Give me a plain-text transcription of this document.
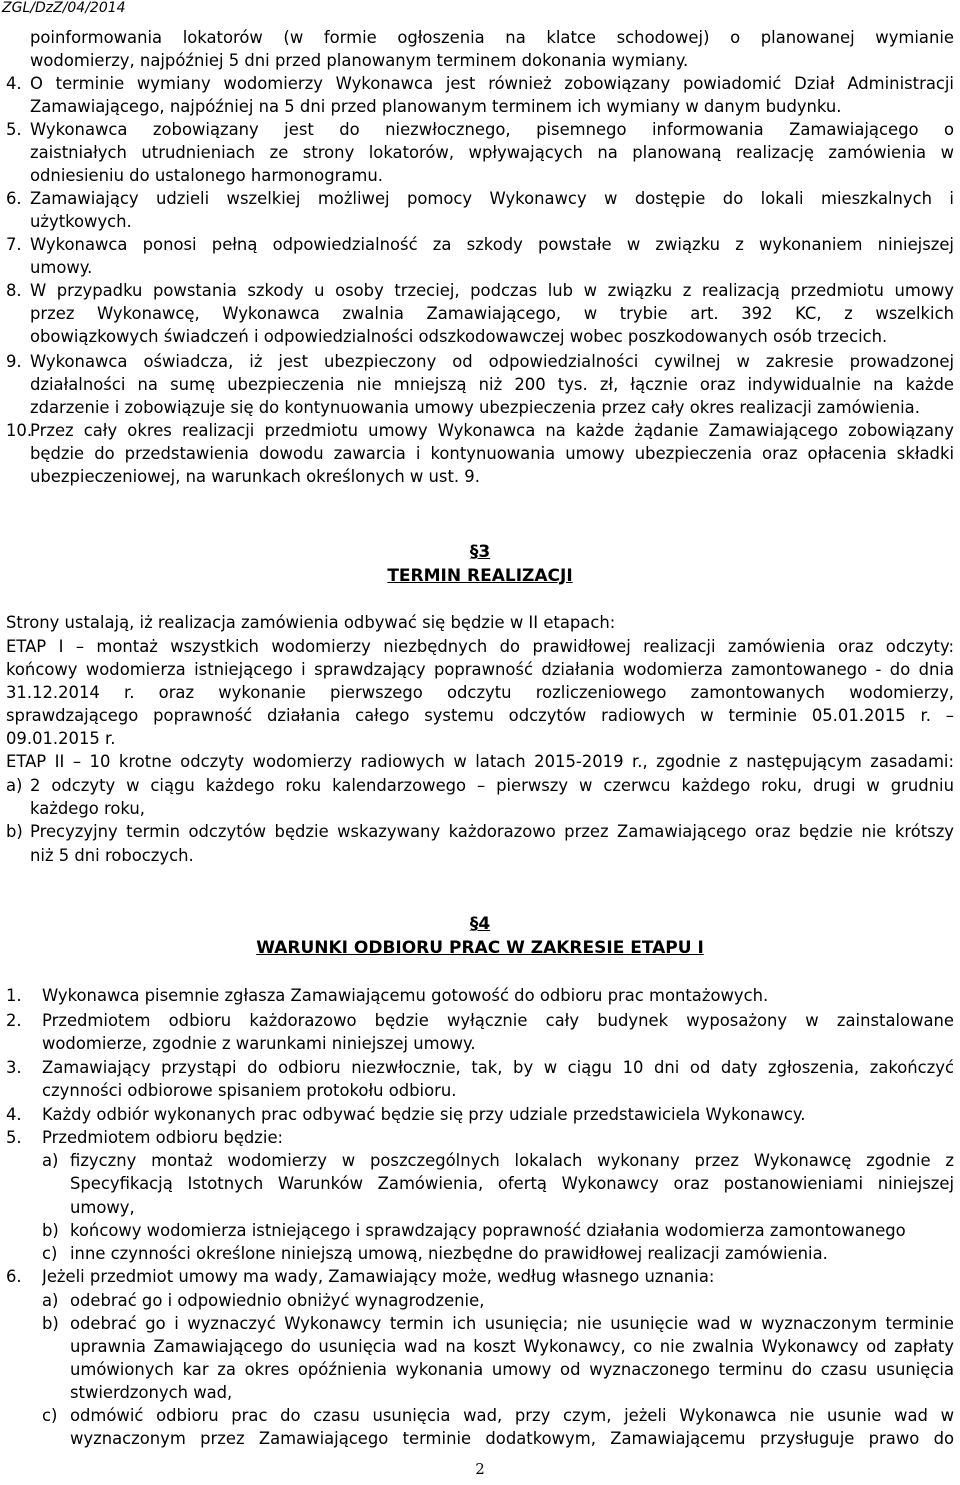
ZGL/DzZ/04/2014
poinformowania lokatorów (w formie ogłoszenia na klatce schodowej) o planowanej wymianie
wodomierzy, najpóźniej 5 dni przed planowanym terminem dokonania wymiany.
4. O terminie wymiany wodomierzy Wykonawca jest również zobowiązany powiadomić Dział Administracji
Zamawiającego, najpóźniej na 5 dni przed planowanym terminem ich wymiany w danym budynku.
5. Wykonawca zobowiązany jest do niezwłocznego, pisemnego informowania Zamawiającego o
zaistniałych utrudnieniach ze strony lokatorów, wpływających na planowaną realizację zamówienia w
odniesieniu do ustalonego harmonogramu.
6. Zamawiający udzieli wszelkiej możliwej pomocy Wykonawcy w dostępie do lokali mieszkalnych i
użytkowych.
7. Wykonawca ponosi pełną odpowiedzialność za szkody powstałe w związku z wykonaniem niniejszej
umowy.
8. W przypadku powstania szkody u osoby trzeciej, podczas lub w związku z realizacją przedmiotu umowy
przez Wykonawcę, Wykonawca zwalnia Zamawiającego, w trybie art. 392 KC, z wszelkich
obowiązkowych świadczeń i odpowiedzialności odszkodowawczej wobec poszkodowanych osób trzecich.
9. Wykonawca oświadcza, iż jest ubezpieczony od odpowiedzialności cywilnej w zakresie prowadzonej
działalności na sumę ubezpieczenia nie mniejszą niż 200 tys. zł, łącznie oraz indywidualnie na każde
zdarzenie i zobowiązuje się do kontynuowania umowy ubezpieczenia przez cały okres realizacji zamówienia.
10.
Przez cały okres realizacji przedmiotu umowy Wykonawca na każde żądanie Zamawiającego zobowiązany
będzie do przedstawienia dowodu zawarcia i kontynuowania umowy ubezpieczenia oraz opłacenia składki
ubezpieczeniowej, na warunkach określonych w ust. 9.
§3
TERMIN REALIZACJI
Strony ustalają, iż realizacja zamówienia odbywać się będzie w II etapach:
ETAP I – montaż wszystkich wodomierzy niezbędnych do prawidłowej realizacji zamówienia oraz odczyty:
końcowy wodomierza istniejącego i sprawdzający poprawność działania wodomierza zamontowanego - do dnia
31.12.2014 r. oraz wykonanie pierwszego odczytu rozliczeniowego zamontowanych wodomierzy,
sprawdzającego poprawność działania całego systemu odczytów radiowych w terminie 05.01.2015 r. –
09.01.2015 r.
ETAP II – 10 krotne odczyty wodomierzy radiowych w latach 2015-2019 r., zgodnie z następującym zasadami:
a) 2 odczyty w ciągu każdego roku kalendarzowego – pierwszy w czerwcu każdego roku, drugi w grudniu
każdego roku,
b) Precyzyjny termin odczytów będzie wskazywany każdorazowo przez Zamawiającego oraz będzie nie krótszy
niż 5 dni roboczych.
§4
WARUNKI ODBIORU PRAC W ZAKRESIE ETAPU I
1. Wykonawca pisemnie zgłasza Zamawiającemu gotowość do odbioru prac montażowych.
2. Przedmiotem odbioru każdorazowo będzie wyłącznie cały budynek wyposażony w zainstalowane
wodomierze, zgodnie z warunkami niniejszej umowy.
3. Zamawiający przystąpi do odbioru niezwłocznie, tak, by w ciągu 10 dni od daty zgłoszenia, zakończyć
czynności odbiorowe spisaniem protokołu odbioru.
4. Każdy odbiór wykonanych prac odbywać będzie się przy udziale przedstawiciela Wykonawcy.
5. Przedmiotem odbioru będzie:
a) fizyczny montaż wodomierzy w poszczególnych lokalach wykonany przez Wykonawcę zgodnie z
Specyfikacją Istotnych Warunków Zamówienia, ofertą Wykonawcy oraz postanowieniami niniejszej
umowy,
b) końcowy wodomierza istniejącego i sprawdzający poprawność działania wodomierza zamontowanego
c) inne czynności określone niniejszą umową, niezbędne do prawidłowej realizacji zamówienia.
6. Jeżeli przedmiot umowy ma wady, Zamawiający może, według własnego uznania:
a) odebrać go i odpowiednio obniżyć wynagrodzenie,
b) odebrać go i wyznaczyć Wykonawcy termin ich usunięcia; nie usunięcie wad w wyznaczonym terminie
uprawnia Zamawiającego do usunięcia wad na koszt Wykonawcy, co nie zwalnia Wykonawcy od zapłaty
umówionych kar za okres opóźnienia wykonania umowy od wyznaczonego terminu do czasu usunięcia
stwierdzonych wad,
c) odmówić odbioru prac do czasu usunięcia wad, przy czym, jeżeli Wykonawca nie usunie wad w
wyznaczonym przez Zamawiającego terminie dodatkowym, Zamawiającemu przysługuje prawo do
2
